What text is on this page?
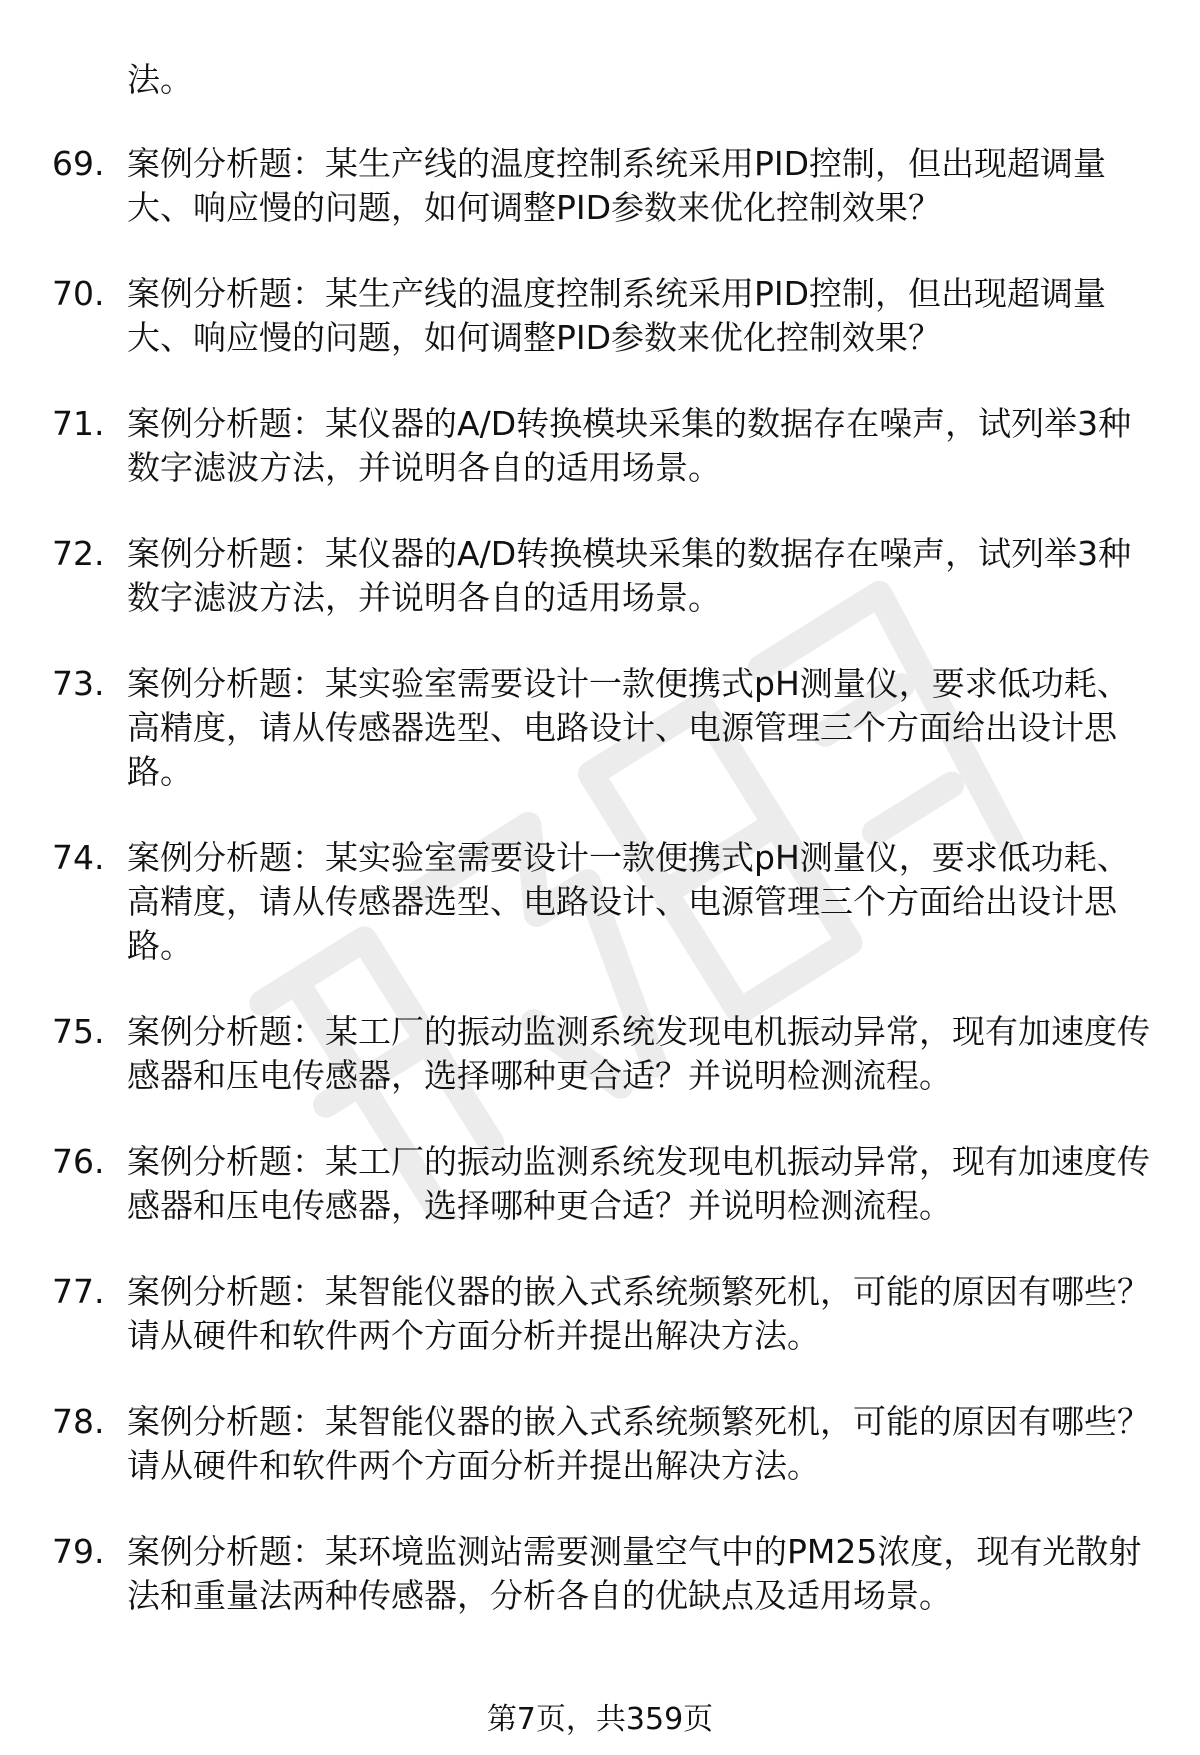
法。
69. 案例分析题：某生产线的温度控制系统采用PID控制，但出现超调量大、响应慢的问题，如何调整PID参数来优化控制效果？
70. 案例分析题：某生产线的温度控制系统采用PID控制，但出现超调量大、响应慢的问题，如何调整PID参数来优化控制效果？
71. 案例分析题：某仪器的A/D转换模块采集的数据存在噪声，试列举3种数字滤波方法，并说明各自的适用场景。
72. 案例分析题：某仪器的A/D转换模块采集的数据存在噪声，试列举3种数字滤波方法，并说明各自的适用场景。
73. 案例分析题：某实验室需要设计一款便携式pH测量仪，要求低功耗、高精度，请从传感器选型、电路设计、电源管理三个方面给出设计思路。
74. 案例分析题：某实验室需要设计一款便携式pH测量仪，要求低功耗、高精度，请从传感器选型、电路设计、电源管理三个方面给出设计思路。
75. 案例分析题：某工厂的振动监测系统发现电机振动异常，现有加速度传感器和压电传感器，选择哪种更合适？并说明检测流程。
76. 案例分析题：某工厂的振动监测系统发现电机振动异常，现有加速度传感器和压电传感器，选择哪种更合适？并说明检测流程。
77. 案例分析题：某智能仪器的嵌入式系统频繁死机，可能的原因有哪些？请从硬件和软件两个方面分析并提出解决方法。
78. 案例分析题：某智能仪器的嵌入式系统频繁死机，可能的原因有哪些？请从硬件和软件两个方面分析并提出解决方法。
79. 案例分析题：某环境监测站需要测量空气中的PM25浓度，现有光散射法和重量法两种传感器，分析各自的优缺点及适用场景。
第7页，共359页
